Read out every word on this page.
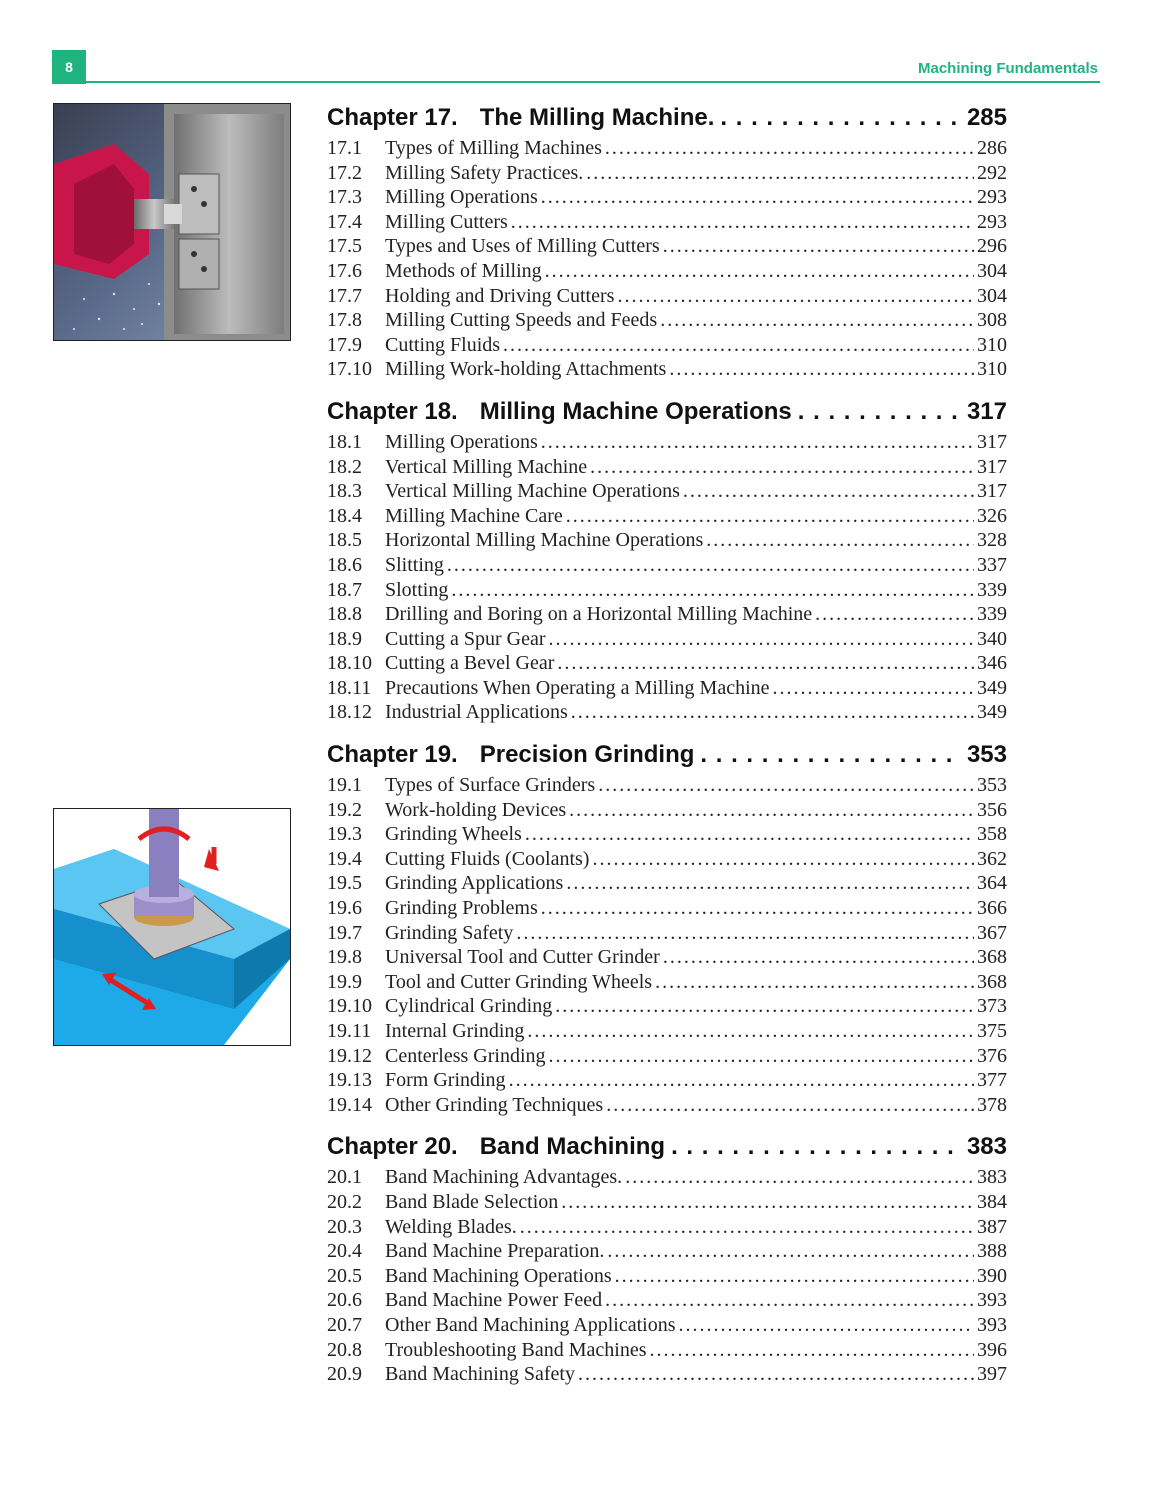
8	Machining Fundamentals
Chapter 17. The Milling Machine. . . .	285
17.1	Types of Milling Machines .....	286
17.2	Milling Safety Practices. .....	292
17.3	Milling Operations .....	293
17.4	Milling Cutters .....	293
17.5	Types and Uses of Milling Cutters .....	296
17.6	Methods of Milling .....	304
17.7	Holding and Driving Cutters .....	304
17.8	Milling Cutting Speeds and Feeds .....	308
17.9	Cutting Fluids .....	310
17.10 Milling Work-holding Attachments .....	310
Chapter 18. Milling Machine Operations . . .	317
18.1	Milling Operations .....	317
18.2	Vertical Milling Machine .....	317
18.3	Vertical Milling Machine Operations .....	317
18.4	Milling Machine Care .....	326
18.5	Horizontal Milling Machine Operations .....	328
18.6	Slitting .....	337
18.7	Slotting .....	339
18.8	Drilling and Boring on a Horizontal Milling Machine .....	339
18.9	Cutting a Spur Gear .....	340
18.10 Cutting a Bevel Gear .....	346
18.11 Precautions When Operating a Milling Machine .....	349
18.12 Industrial Applications .....	349
Chapter 19. Precision Grinding . . .	353
19.1	Types of Surface Grinders .....	353
19.2	Work-holding Devices .....	356
19.3	Grinding Wheels .....	358
19.4	Cutting Fluids (Coolants) .....	362
19.5	Grinding Applications .....	364
19.6	Grinding Problems .....	366
19.7	Grinding Safety .....	367
19.8	Universal Tool and Cutter Grinder .....	368
19.9	Tool and Cutter Grinding Wheels .....	368
19.10 Cylindrical Grinding .....	373
19.11 Internal Grinding .....	375
19.12 Centerless Grinding .....	376
19.13 Form Grinding .....	377
19.14 Other Grinding Techniques .....	378
Chapter 20. Band Machining . . .	383
20.1	Band Machining Advantages. .....	383
20.2	Band Blade Selection .....	384
20.3	Welding Blades. .....	387
20.4	Band Machine Preparation. .....	388
20.5	Band Machining Operations .....	390
20.6	Band Machine Power Feed .....	393
20.7	Other Band Machining Applications .....	393
20.8	Troubleshooting Band Machines .....	396
20.9	Band Machining Safety .....	397
